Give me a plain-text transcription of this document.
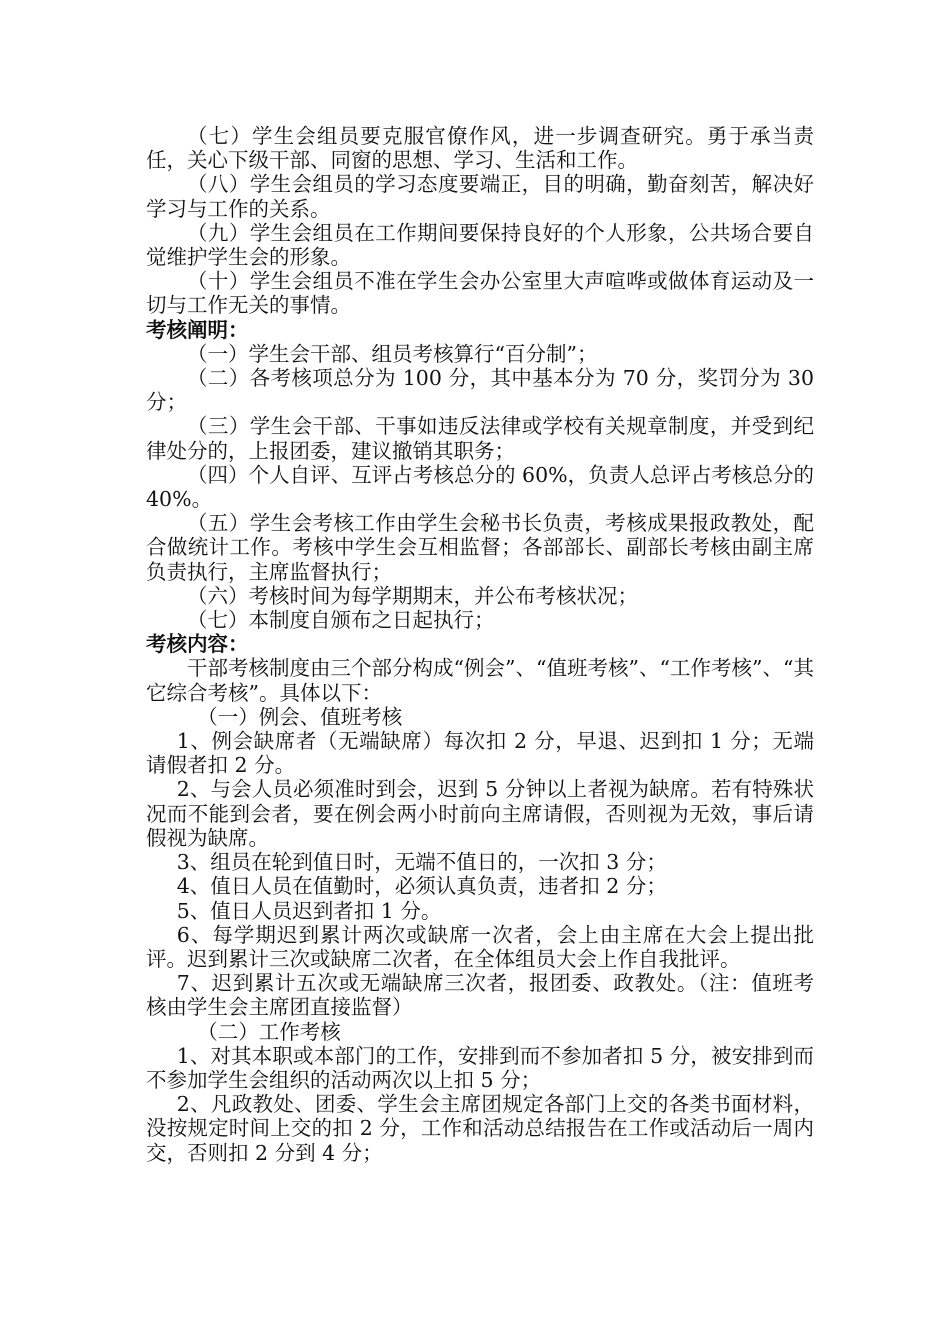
（七）学生会组员要克服官僚作风，进一步调查研究。勇于承当责任，关心下级干部、同窗的思想、学习、生活和工作。

（八）学生会组员的学习态度要端正，目的明确，勤奋刻苦，解决好学习与工作的关系。

（九）学生会组员在工作期间要保持良好的个人形象，公共场合要自觉维护学生会的形象。

（十）学生会组员不准在学生会办公室里大声喧哗或做体育运动及一切与工作无关的事情。

考核阐明：

（一）学生会干部、组员考核算行“百分制”；

（二）各考核项总分为 100 分，其中基本分为 70 分，奖罚分为 30 分；

（三）学生会干部、干事如违反法律或学校有关规章制度，并受到纪律处分的，上报团委，建议撤销其职务；

（四）个人自评、互评占考核总分的 60%，负责人总评占考核总分的 40%。

（五）学生会考核工作由学生会秘书长负责，考核成果报政教处，配合做统计工作。考核中学生会互相监督；各部部长、副部长考核由副主席负责执行，主席监督执行；

（六）考核时间为每学期期末，并公布考核状况；

（七）本制度自颁布之日起执行；

考核内容：

干部考核制度由三个部分构成“例会”、“值班考核”、“工作考核”、“其它综合考核”。具体以下：

（一）例会、值班考核

1、例会缺席者（无端缺席）每次扣 2 分，早退、迟到扣 1 分；无端请假者扣 2 分。

2、与会人员必须准时到会，迟到 5 分钟以上者视为缺席。若有特殊状况而不能到会者，要在例会两小时前向主席请假，否则视为无效，事后请假视为缺席。

3、组员在轮到值日时，无端不值日的，一次扣 3 分；

4、值日人员在值勤时，必须认真负责，违者扣 2 分；

5、值日人员迟到者扣 1 分。

6、每学期迟到累计两次或缺席一次者，会上由主席在大会上提出批评。迟到累计三次或缺席二次者，在全体组员大会上作自我批评。

7、迟到累计五次或无端缺席三次者，报团委、政教处。（注：值班考核由学生会主席团直接监督）

（二）工作考核

1、对其本职或本部门的工作，安排到而不参加者扣 5 分，被安排到而不参加学生会组织的活动两次以上扣 5 分；

2、凡政教处、团委、学生会主席团规定各部门上交的各类书面材料，没按规定时间上交的扣 2 分，工作和活动总结报告在工作或活动后一周内交，否则扣 2 分到 4 分；
